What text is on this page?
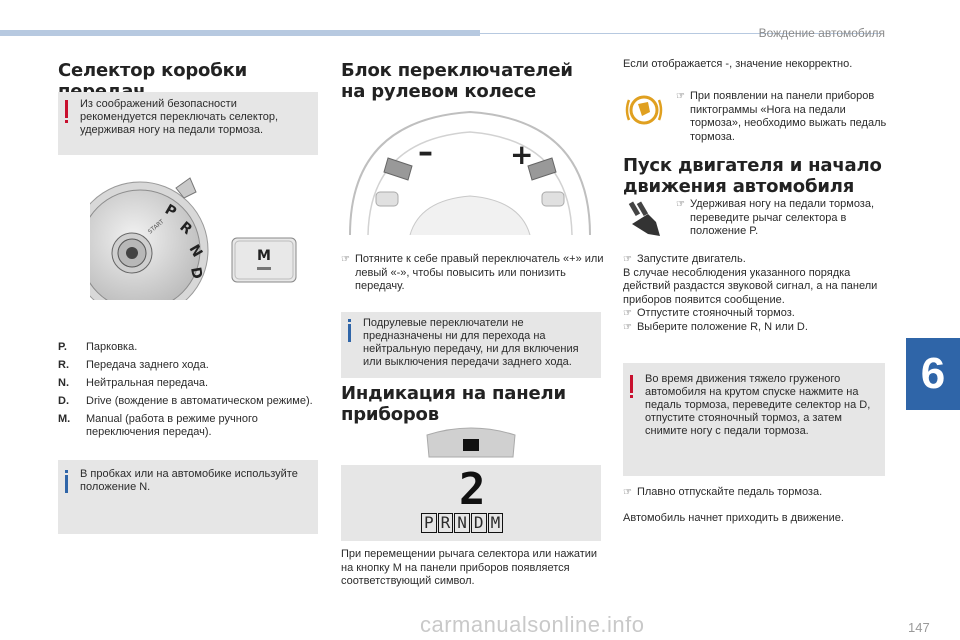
Вождение автомобиля
6
Селектор коробки
Из соображений безопасности рекомендуется переключать селектор, удерживая ногу на педали тормоза.
P
R
N
D
START
M
P. Парковка.
R. Передача заднего хода.
N. Нейтральная передача.
D. Drive (вождение в автоматическом режиме).
M. Manual (работа в режиме ручного переключения передач).
В пробках или на автомобике используйте положение N.
Блок переключателей на рулевом колесе
–	+
☞ Потяните к себе правый переключатель «+» или левый «-», чтобы повысить или понизить передачу.
Подрулевые переключатели не предназначены ни для перехода на нейтральную передачу, ни для включения или выключения передачи заднего хода.
Индикация на панели приборов
2
P R N D M
При перемещении рычага селектора или нажатии на кнопку M на панели приборов появляется соответствующий символ.
Если отображается -, значение некорректно.
☞ При появлении на панели приборов пиктограммы «Нога на педали тормоза», необходимо выжать педаль тормоза.
Пуск двигателя и начало движения автомобиля
☞ Удерживая ногу на педали тормоза, переведите рычаг селектора в положение P.
☞ Запустите двигатель.
В случае несоблюдения указанного порядка действий раздастся звуковой сигнал, а на панели приборов появится сообщение.
☞ Отпустите стояночный тормоз.
☞ Выберите положение R, N или D.
Во время движения тяжело груженого автомобиля на крутом спуске нажмите на педаль тормоза, переведите селектор на D, отпустите стояночный тормоз, а затем снимите ногу с педали тормоза.
☞ Плавно отпускайте педаль тормоза.
Автомобиль начнет приходить в движение.
carmanualsonline.info	147
